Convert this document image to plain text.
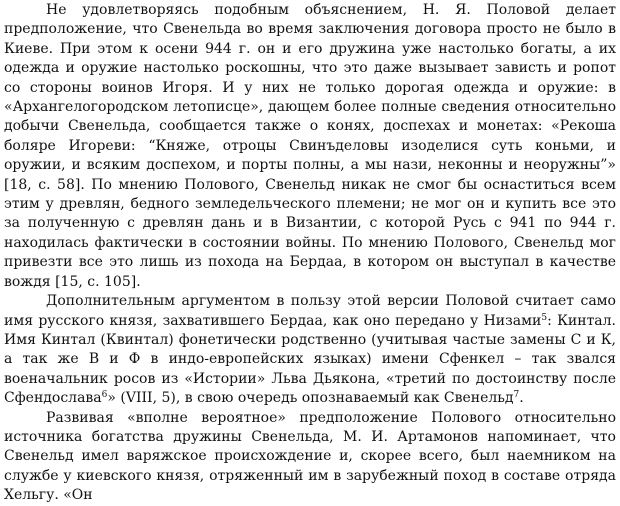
Не удовлетворяясь подобным объяснением, Н. Я. Половой делает предположение, что Свенельда во время заключения договора просто не было в Киеве. При этом к осени 944 г. он и его дружина уже настолько богаты, а их одежда и оружие настолько роскошны, что это даже вызывает зависть и ропот со стороны воинов Игоря. И у них не только дорогая одежда и оружие: в «Архангелогородском летописце», дающем более полные сведения относительно добычи Свенельда, сообщается также о конях, доспехах и монетах: «Рекоша боляре Игореви: “Княже, отроцы Свинъделовы изоделися суть коньми, и оружии, и всяким доспехом, и порты полны, а мы нази, неконны и неоружны”» [18, с. 58]. По мнению Полового, Свенельд никак не смог бы оснаститься всем этим у древлян, бедного земледельческого племени; не мог он и купить все это за полученную с древлян дань и в Византии, с которой Русь с 941 по 944 г. находилась фактически в состоянии войны. По мнению Полового, Свенельд мог привезти все это лишь из похода на Бердаа, в котором он выступал в качестве вождя [15, с. 105].

Дополнительным аргументом в пользу этой версии Половой считает само имя русского князя, захватившего Бердаа, как оно передано у Низами$^5$: Кинтал. Имя Кинтал (Квинтал) фонетически родственно (учитывая частые замены С и К, а так же В и Ф в индо-европейских языках) имени Сфенкел – так звался военачальник росов из «Истории» Льва Дьякона, «третий по достоинству после Сфендослава$^6$» (VIII, 5), в свою очередь опознаваемый как Свенельд$^7$.

Развивая «вполне вероятное» предположение Полового относительно источника богатства дружины Свенельда, М. И. Артамонов напоминает, что Свенельд имел варяжское происхождение и, скорее всего, был наемником на службе у киевского князя, отряженный им в зарубежный поход в составе отряда Хельгу. «Он
